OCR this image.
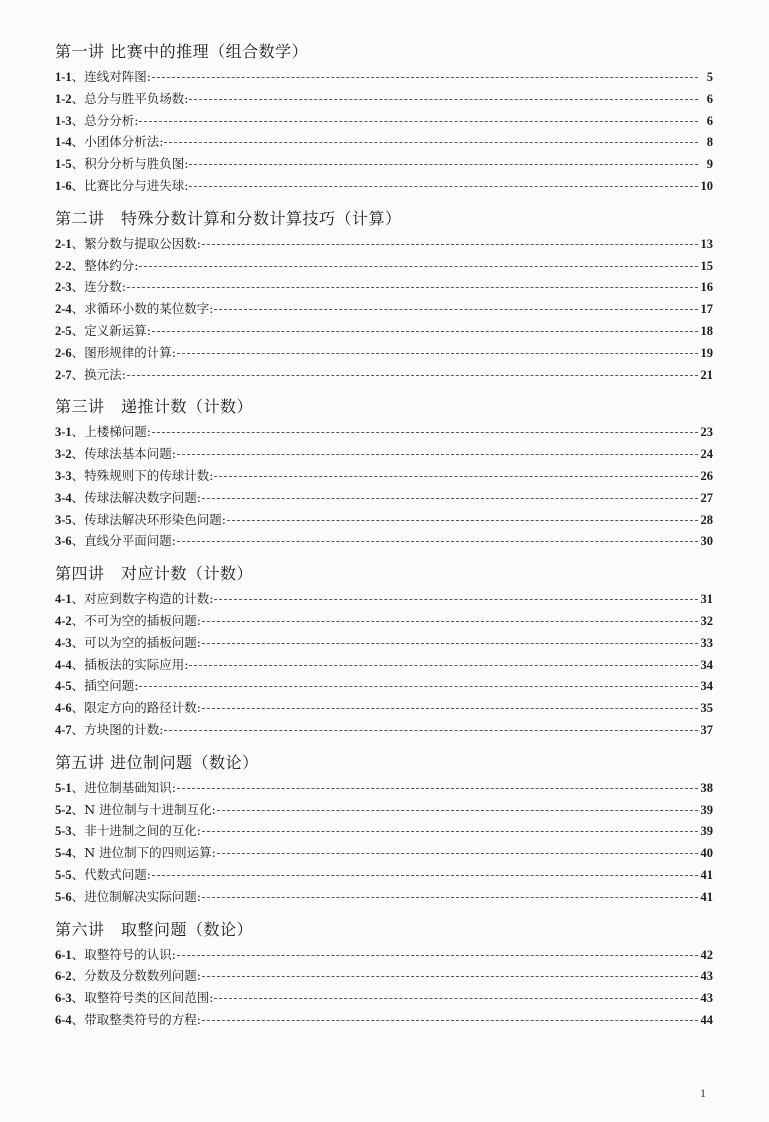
第一讲 比赛中的推理（组合数学）
1-1 、 连线对阵图:	5
1-2 、 总分与胜平负场数:	6
1-3 、 总分分析:	6
1-4 、 小团体分析法:	8
1-5 、 积分分析与胜负图:	9
1-6 、 比赛比分与进失球:	10
第二讲　特殊分数计算和分数计算技巧（计算）
2-1 、 繁分数与提取公因数:	13
2-2 、 整体约分:	15
2-3 、 连分数:	16
2-4 、 求循环小数的某位数字:	17
2-5 、 定义新运算:	18
2-6 、 图形规律的计算:	19
2-7 、 换元法:	21
第三讲　递推计数（计数）
3-1 、 上楼梯问题:	23
3-2 、 传球法基本问题:	24
3-3 、 特殊规则下的传球计数:	26
3-4 、 传球法解决数字问题:	27
3-5 、 传球法解决环形染色问题:	28
3-6 、 直线分平面问题:	30
第四讲　对应计数（计数）
4-1 、 对应到数字构造的计数:	31
4-2 、 不可为空的插板问题:	32
4-3 、 可以为空的插板问题:	33
4-4 、 插板法的实际应用:	34
4-5 、 插空问题:	34
4-6 、 限定方向的路径计数:	35
4-7 、 方块图的计数:	37
第五讲 进位制问题（数论）
5-1 、 进位制基础知识:	38
5-2 、 N 进位制与十进制互化:	39
5-3 、 非十进制之间的互化:	39
5-4 、 N 进位制下的四则运算:	40
5-5 、 代数式问题:	41
5-6 、 进位制解决实际问题:	41
第六讲　取整问题（数论）
6-1 、 取整符号的认识:	42
6-2 、 分数及分数数列问题:	43
6-3 、 取整符号类的区间范围:	43
6-4 、 带取整类符号的方程:	44
1
